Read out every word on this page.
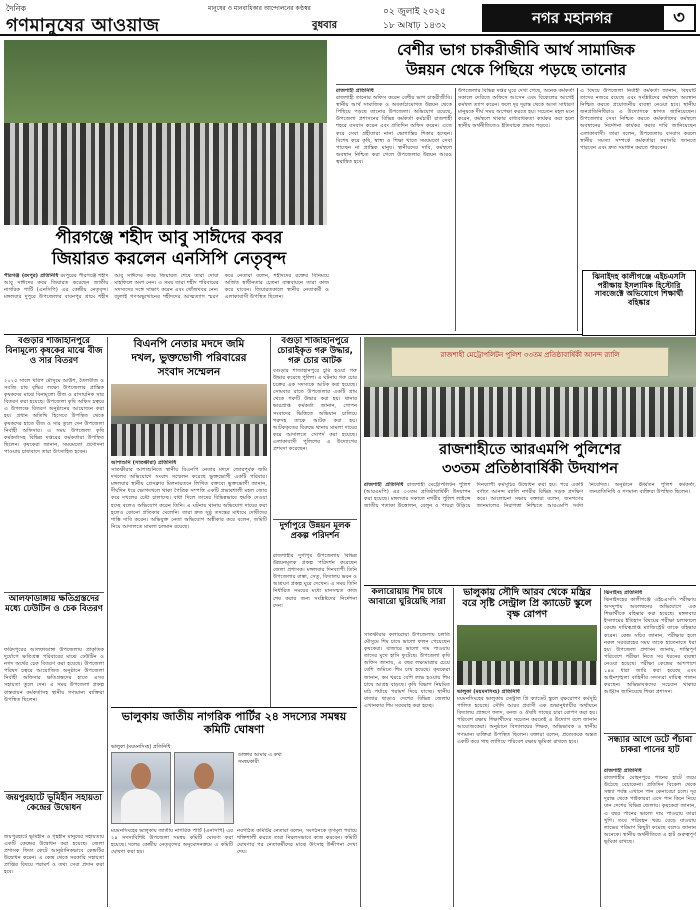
দৈনিক
গণমানুষের আওয়াজ
মানুষের ও মানবাধিকার আন্দোলনের কণ্ঠস্বর	০২ জুলাই ২০২৫
বুধবার	১৮ আষাঢ় ১৪৩২	নগর মহানগর	৩
বেশীর ভাগ চাকরীজীবি আর্থ সামাজিক
উন্নয়ন থেকে পিছিয়ে পড়ছে তানোর
রাজশাহী প্রতিনিধি
রাজশাহী তানোর অফিস করেন বেশীর ভাগ চাকরীজীবি। স্থানীয় আর্থ সামাজিক ও অবকাঠামোগত উন্নয়ন থেকে পিছিয়ে পড়ছে তানোর উপজেলা। অভিযোগ রয়েছে, উপজেলা প্রশাসনের বিভিন্ন কর্মকর্তা কর্মচারী রাজশাহী শহরে বসবাস করেন এবং প্রতিদিন অফিস করেন। এতে করে সেবা গ্রহীতারা নানা ভোগান্তির শিকার হচ্ছেন। বিশেষ করে কৃষি, স্বাস্থ্য ও শিক্ষা খাতে সময়মতো সেবা পাচ্ছেন না প্রান্তিক মানুষ। স্থানীয়দের দাবি, কর্মস্থলে অবস্থান নিশ্চিত করা গেলে উপজেলার উন্নয়ন আরও ত্বরান্বিত হবে।
উপজেলার বিভিন্ন দপ্তর ঘুরে দেখা গেছে, অনেক কর্মকর্তা সকালে দেরিতে অফিসে আসেন এবং বিকেলের আগেই কর্মস্থল ত্যাগ করেন। ফলে দূর দূরান্ত থেকে আসা সাধারণ মানুষকে দীর্ঘ সময় অপেক্ষা করতে হয়। সচেতন মহল মনে করেন, কর্মস্থলে থাকার বাধ্যবাধকতা কার্যকর করা হলে স্থানীয় অর্থনীতিতেও ইতিবাচক প্রভাব পড়বে।
এ বিষয়ে উপজেলা নির্বাহী কর্মকর্তা জানান, বিষয়টি তাদের নজরে রয়েছে এবং সংশ্লিষ্টদের কর্মস্থলে অবস্থান নিশ্চিত করতে প্রয়োজনীয় ব্যবস্থা নেওয়া হবে। স্থানীয় জনপ্রতিনিধিরাও এ উদ্যোগকে স্বাগত জানিয়েছেন। উপজেলার সেবা নিশ্চিত করতে কর্মকর্তাদের কর্মস্থলে অবস্থানের নির্দেশনা কার্যকর করার দাবি জানিয়েছেন এলাকাবাসী। তারা বলেন, উপজেলায় বসবাস করলে স্থানীয় সমস্যা সম্পর্কে কর্মকর্তারা সরাসরি জানতে পারবেন এবং দ্রুত সমাধান করতে পারবেন।
পীরগঞ্জে শহীদ আবু সাঈদের কবর
জিয়ারত করলেন এনসিপি নেতৃবৃন্দ
পীরগঞ্জ (রংপুর) প্রতিনিধি রংপুরের পীরগঞ্জে শহীদ আবু সাঈদের কবর জিয়ারত করেছেন জাতীয় নাগরিক পার্টি (এনসিপি) এর কেন্দ্রীয় নেতৃবৃন্দ। মঙ্গলবার দুপুরে উপজেলার বাবনপুর গ্রামে শহীদ আবু সাঈদের কবর জিয়ারত শেষে তারা দোয়া মাহফিলে অংশ নেন। এ সময় তারা শহীদ পরিবারের সদস্যদের সঙ্গে সাক্ষাৎ করেন এবং খোঁজখবর নেন। জুলাই গণঅভ্যুত্থানের শহীদদের আত্মত্যাগ স্মরণ করে নেতারা বলেন, শহীদদের রক্তের বিনিময়ে অর্জিত স্বাধীনতার চেতনা বাস্তবায়নে তারা কাজ করে যাবেন। জিয়ারতকালে স্থানীয় নেতাকর্মী ও এলাকাবাসী উপস্থিত ছিলেন।
বগুড়ার শাজাহানপুরে বিনামূল্যে কৃষকের মাঝে বীজ ও সার বিতরণ
২০২৫ সালে খরিপ মৌসুমে আউশ, তৈলবীজ ও সবজি চাষ বৃদ্ধির লক্ষ্যে উপজেলার প্রান্তিক কৃষকদের মাঝে বিনামূল্যে বীজ ও রাসায়নিক সার বিতরণ করা হয়েছে। উপজেলা কৃষি অফিস চত্বরে এ উপলক্ষে বিতরণ অনুষ্ঠানের আয়োজন করা হয়। প্রধান অতিথি হিসেবে উপস্থিত থেকে কৃষকদের হাতে বীজ ও সার তুলে দেন উপজেলা নির্বাহী অফিসার। এ সময় উপজেলা কৃষি কর্মকর্তাসহ বিভিন্ন দপ্তরের কর্মকর্তারা উপস্থিত ছিলেন। কৃষকেরা জানান, সময়মতো প্রণোদনা পাওয়ায় চাষাবাদে তারা উৎসাহিত হবেন।
আলফাডাঙ্গায় ক্ষতিগ্রস্তদের মধ্যে ঢেউটিন ও চেক বিতরণ
ফরিদপুরের আলফাডাঙ্গা উপজেলায় প্রাকৃতিক দুর্যোগে ক্ষতিগ্রস্ত পরিবারের মাঝে ঢেউটিন ও নগদ অর্থের চেক বিতরণ করা হয়েছে। উপজেলা পরিষদ চত্বরে আয়োজিত অনুষ্ঠানে উপজেলা নির্বাহী অফিসার ক্ষতিগ্রস্তদের হাতে এসব সহায়তা তুলে দেন। এ সময় উপজেলা প্রকল্প বাস্তবায়ন কর্মকর্তাসহ স্থানীয় গণ্যমান্য ব্যক্তিরা উপস্থিত ছিলেন।
জয়পুরহাটে ভূমিহীন সহায়তা কেন্দ্রের উদ্বোধন
জয়পুরহাটে ভূমিহীন ও গৃহহীন মানুষের সহায়তায় একটি কেন্দ্রের উদ্বোধন করা হয়েছে। জেলা প্রশাসক ফিতা কেটে আনুষ্ঠানিকভাবে কেন্দ্রটির উদ্বোধন করেন। এ কেন্দ্র থেকে সরকারি সহায়তা প্রাপ্তির বিষয়ে পরামর্শ ও তথ্য সেবা প্রদান করা হবে।
বিএনপি নেতার মদদে জমি
দখল, ভুক্তভোগী পরিবারের
সংবাদ সম্মেলন
আশাশুনি (সাতক্ষীরা) প্রতিনিধি
সাতক্ষীরার আশাশুনিতে স্থানীয় বিএনপি নেতার মদদে জোরপূর্বক জমি দখলের অভিযোগে সংবাদ সম্মেলন করেছে ভুক্তভোগী একটি পরিবার। মঙ্গলবার স্থানীয় প্রেসক্লাব মিলনায়তনে লিখিত বক্তব্যে ভুক্তভোগী জানান, দীর্ঘদিন ধরে ভোগদখলে থাকা পৈত্রিক সম্পত্তি একটি প্রভাবশালী মহল জোর করে দখলের চেষ্টা চালাচ্ছে। বাধা দিলে তাদের বিভিন্নভাবে হুমকি দেওয়া হচ্ছে বলেও অভিযোগ করেন তিনি। এ ঘটনায় থানায় অভিযোগ দায়ের করা হলেও কোনো প্রতিকার মেলেনি। তারা দ্রুত সুষ্ঠু তদন্তের মাধ্যমে দোষীদের শাস্তি দাবি করেন। অভিযুক্ত নেতা অভিযোগ অস্বীকার করে বলেন, জমিটি নিয়ে আদালতে মামলা চলমান রয়েছে।
বগুড়া শাজাহানপুরে চোরাইকৃত গরু উদ্ধার, গরু চোর আটক
বগুড়ার শাজাহানপুরে চুরি হওয়া গরু উদ্ধার করেছে পুলিশ। এ ঘটনায় গরু চোর চক্রের এক সদস্যকে আটক করা হয়েছে। সোমবার রাতে উপজেলার একটি গ্রাম থেকে গরুটি উদ্ধার করা হয়। থানার ভারপ্রাপ্ত কর্মকর্তা জানান, গোপন সংবাদের ভিত্তিতে অভিযান চালিয়ে গরুসহ তাকে আটক করা হয়। আটককৃতের বিরুদ্ধে থানায় মামলা দায়ের করে আদালতে সোপর্দ করা হয়েছে। এলাকাবাসী পুলিশের এ উদ্যোগের প্রশংসা করেছেন।
দুর্গাপুরে উন্নয়ন মূলক প্রকল্প পরিদর্শন
রাজশাহীর দুর্গাপুর উপজেলায় বিভিন্ন উন্নয়নমূলক প্রকল্প পরিদর্শন করেছেন জেলা প্রশাসক। মঙ্গলবার দিনব্যাপী তিনি উপজেলার রাস্তা, সেতু, বিদ্যালয় ভবন ও আশ্রয়ণ প্রকল্প ঘুরে দেখেন। এ সময় তিনি নির্ধারিত সময়ের মধ্যে মানসম্মত কাজ শেষ করার জন্য সংশ্লিষ্টদের নির্দেশনা দেন।
রাজশাহী মেট্রোপলিটন পুলিশ ৩৩তম প্রতিষ্ঠাবার্ষিকী আনন্দ র‍্যালি
রাজশাহীতে আরএমপি পুলিশের
৩৩তম প্রতিষ্ঠাবার্ষিকী উদযাপন
রাজশাহী প্রতিনিধি রাজশাহী মেট্রোপলিটন পুলিশ (আরএমপি) এর ৩৩তম প্রতিষ্ঠাবার্ষিকী উদযাপন করা হয়েছে। মঙ্গলবার সকালে নগরীর পুলিশ লাইন্সে জাতীয় পতাকা উত্তোলন, বেলুন ও পায়রা উড়িয়ে দিনব্যাপী কর্মসূচির উদ্বোধন করা হয়। পরে একটি বর্ণাঢ্য আনন্দ র‍্যালি নগরীর বিভিন্ন সড়ক প্রদক্ষিণ করে। আলোচনা সভায় বক্তারা বলেন, জনগণের জানমালের নিরাপত্তা নিশ্চিতে আরএমপি সর্বদা নিবেদিত। অনুষ্ঠানে ঊর্ধ্বতন পুলিশ কর্মকর্তা, জনপ্রতিনিধি ও গণমান্য ব্যক্তিরা উপস্থিত ছিলেন।
ভালুকায় জাতীয় নাগরিক পার্টির ২৪ সদস্যের সমন্বয় কমিটি ঘোষণা
ভালুকা (ময়মনসিংহ) প্রতিনিধি
ডাক্তার আমার এ কথা
সমন্বয়কারী
ময়মনসিংহের ভালুকায় জাতীয় নাগরিক পার্টি (এনসিপি) এর ২৪ সদস্যবিশিষ্ট উপজেলা সমন্বয় কমিটি ঘোষণা করা হয়েছে। দলের কেন্দ্রীয় নেতৃবৃন্দের অনুমোদনক্রমে এ কমিটি ঘোষণা করা হয়।
নবগঠিত কমিটির নেতারা বলেন, সংগঠনকে তৃণমূল পর্যায়ে শক্তিশালী করতে তারা নিরলসভাবে কাজ করবেন। কমিটি ঘোষণার পর নেতাকর্মীদের মাঝে উৎসাহ উদ্দীপনা দেখা দেয়।
কলারোয়ায় শিম চাষে আবারো ঘুরিয়েছি সারা
সাতক্ষীরার কলারোয়া উপজেলায় চলতি মৌসুমে শিম চাষে ভালো ফলন পেয়েছেন কৃষকেরা। বাজারে ভালো দাম পাওয়ায় তাদের মুখে হাসি ফুটেছে। উপজেলা কৃষি অফিস জানায়, এ বছর লক্ষ্যমাত্রার চেয়ে বেশি জমিতে শিম চাষ হয়েছে। কৃষকেরা জানান, কম খরচে বেশি লাভ হওয়ায় শিম চাষে আগ্রহ বাড়ছে। কৃষি বিভাগ নিয়মিত মাঠ পর্যায়ে পরামর্শ দিয়ে যাচ্ছে। স্থানীয় বাজার ছাড়াও দেশের বিভিন্ন জেলায় এখানকার শিম সরবরাহ করা হচ্ছে।
ভালুকায় সৌদি আরব থেকে মন্ত্রির বরে সৃষ্টি সেন্ট্রাল প্রি ক্যাডেট স্কুলে বৃক্ষ রোপণ
ভালুকা (ময়মনসিংহ) প্রতিনিধি
ময়মনসিংহের ভালুকায় সেন্ট্রাল প্রি ক্যাডেট স্কুলে বৃক্ষরোপণ কর্মসূচি পালিত হয়েছে। সৌদি আরব প্রবাসী এক শুভানুধ্যায়ীর অর্থায়নে বিদ্যালয় প্রাঙ্গণে ফলদ, বনজ ও ঔষধি গাছের চারা রোপণ করা হয়। পরিবেশ রক্ষায় শিক্ষার্থীদের সচেতন করতেই এ উদ্যোগ বলে জানান আয়োজকেরা। অনুষ্ঠানে বিদ্যালয়ের শিক্ষক, অভিভাবক ও স্থানীয় গণ্যমান্য ব্যক্তিরা উপস্থিত ছিলেন। বক্তারা বলেন, প্রত্যেককে অন্তত একটি করে গাছ লাগিয়ে পরিবেশ রক্ষায় ভূমিকা রাখতে হবে।
ঝিনাইদহ প্রতিনিধি
ঝিনাইদহের কালীগঞ্জে এইচএসসি পরীক্ষায় অসদুপায় অবলম্বনের অভিযোগে এক শিক্ষার্থীকে বহিষ্কার করা হয়েছে। মঙ্গলবার ইসলামের ইতিহাস বিষয়ের পরীক্ষা চলাকালে কেন্দ্রে দায়িত্বপ্রাপ্ত ম্যাজিস্ট্রেট তাকে বহিষ্কার করেন। কেন্দ্র সচিব জানান, পরীক্ষার হলে নকল সরবরাহের সময় তাকে হাতেনাতে ধরা হয়। উপজেলা প্রশাসন জানায়, শান্তিপূর্ণ পরিবেশে পরীক্ষা নিতে সব ধরনের ব্যবস্থা নেওয়া হয়েছে। পরীক্ষা কেন্দ্রের আশপাশে ১৪৪ ধারা জারি করা হয়েছে এবং আইনশৃঙ্খলা বাহিনীর সদস্যরা দায়িত্ব পালন করছেন। অভিভাবকদের সচেতন থাকার আহ্বান জানিয়েছে শিক্ষা প্রশাসন।
সন্ধ্যার আগে ডটে পঁচাৰা চাকরা পানের হাট
রাজশাহী প্রতিনিধি
রাজশাহীর মোহনপুরে পানের হাটে জমে উঠেছে বেচাকেনা। প্রতিদিন বিকেল থেকে সন্ধ্যা পর্যন্ত এখানে পান কেনাবেচা চলে। দূর দূরান্ত থেকে পাইকাররা এসে পান কিনে নিয়ে যান দেশের বিভিন্ন জেলায়। কৃষকেরা জানান, এ বছর পানের ভালো দাম পাওয়ায় তারা খুশি। তবে পরিবহন খরচ বেড়ে যাওয়ায় লাভের পরিমাণ কিছুটা কমেছে বলেও জানান অনেকে। স্থানীয় অর্থনীতিতে এ হাট গুরুত্বপূর্ণ ভূমিকা রাখছে।
ঝিনাইদহ কালীগঞ্জে এইচএসসি পরীক্ষায় ইসলামিক হিস্টোরি সাবজেক্টে অভিযোগে শিক্ষার্থী বহিষ্কার
